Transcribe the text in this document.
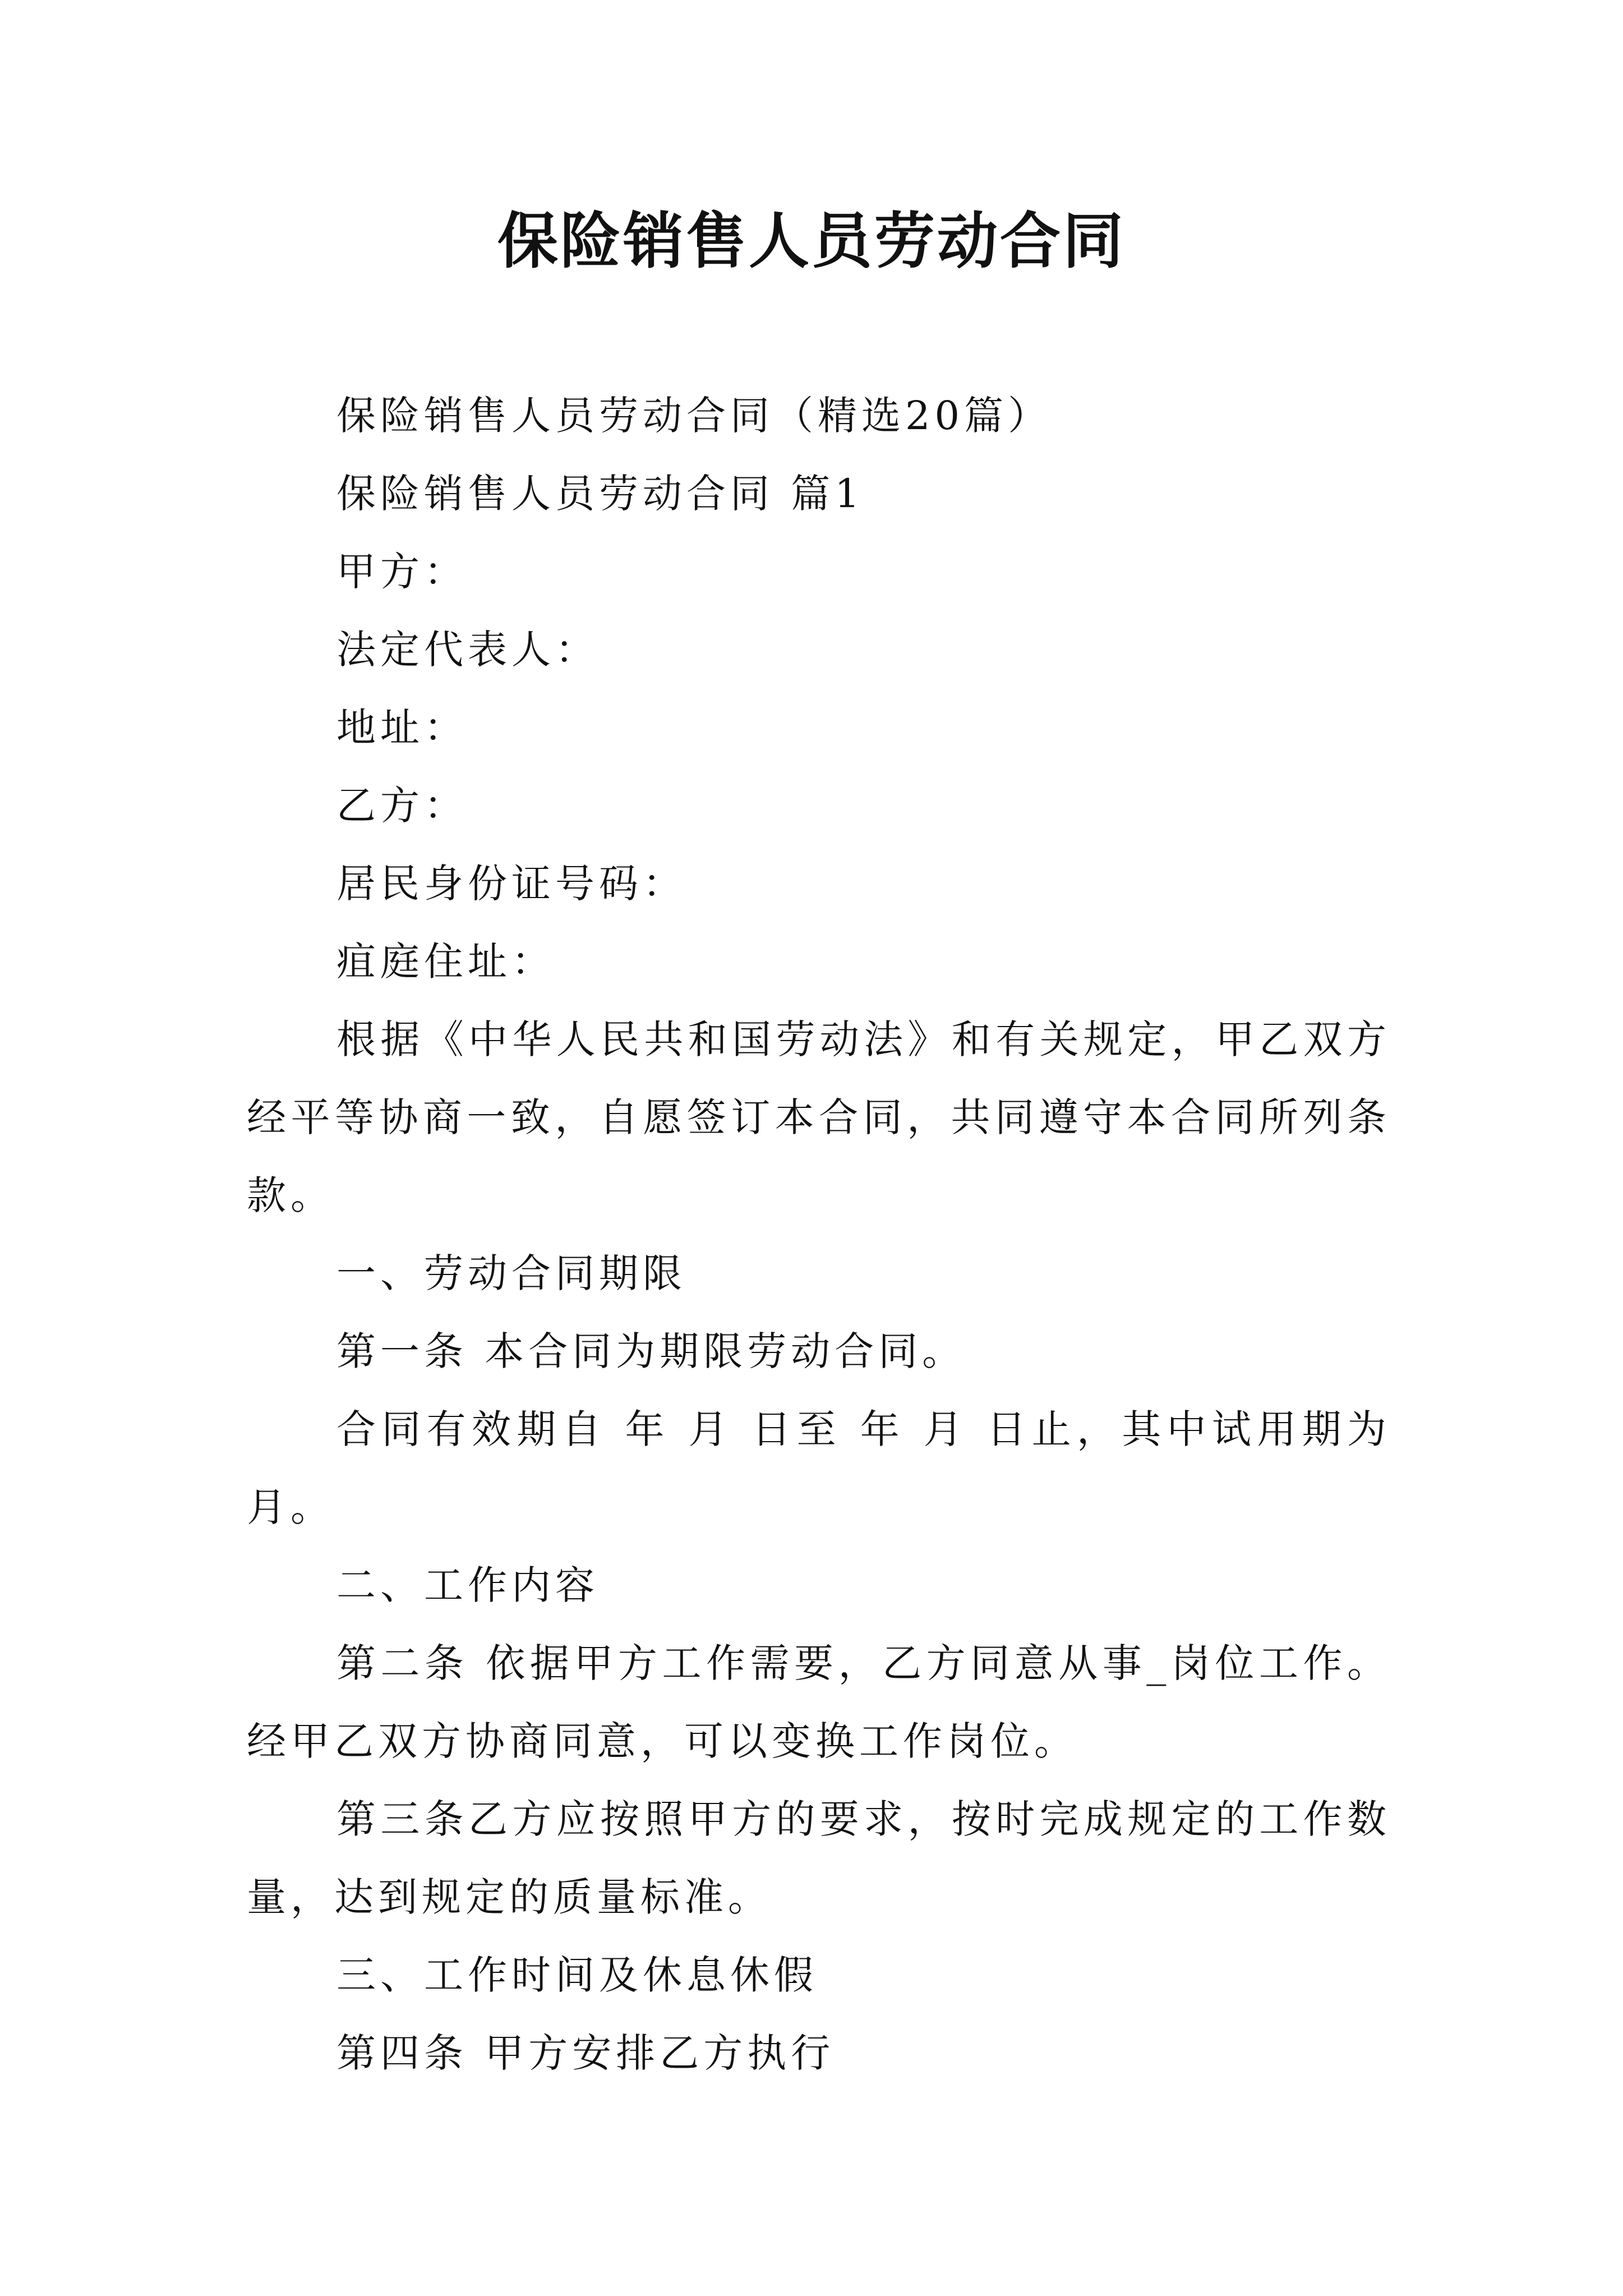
保险销售人员劳动合同

保险销售人员劳动合同（精选20篇）

保险销售人员劳动合同 篇1

甲方：

法定代表人：

地址：

乙方：

居民身份证号码：

疽庭住址：

根据《中华人民共和国劳动法》和有关规定，甲乙双方经平等协商一致，自愿签订本合同，共同遵守本合同所列条款。

一、劳动合同期限

第一条 本合同为期限劳动合同。

合同有效期自 年 月 日至 年 月 日止，其中试用期为月。

二、工作内容

第二条 依据甲方工作需要，乙方同意从事_岗位工作。经甲乙双方协商同意，可以变换工作岗位。

第三条乙方应按照甲方的要求，按时完成规定的工作数量，达到规定的质量标准。

三、工作时间及休息休假

第四条 甲方安排乙方执行
